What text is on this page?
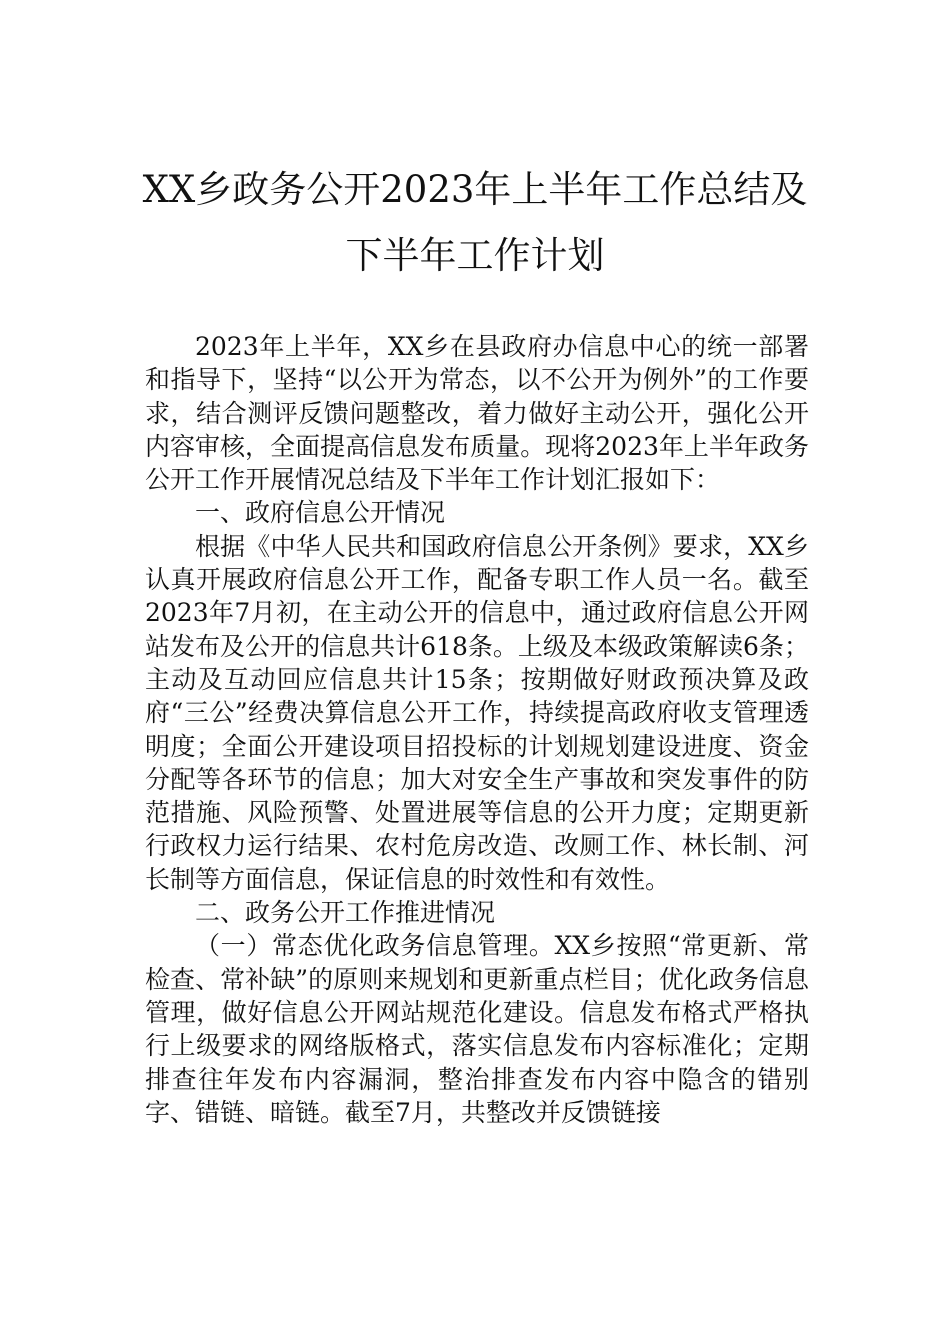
XX乡政务公开2023年上半年工作总结及
下半年工作计划

2023年上半年，XX乡在县政府办信息中心的统一部署和指导下，坚持“以公开为常态，以不公开为例外”的工作要求，结合测评反馈问题整改，着力做好主动公开，强化公开内容审核，全面提高信息发布质量。现将2023年上半年政务公开工作开展情况总结及下半年工作计划汇报如下：

一、政府信息公开情况

根据《中华人民共和国政府信息公开条例》要求，XX乡认真开展政府信息公开工作，配备专职工作人员一名。截至2023年7月初，在主动公开的信息中，通过政府信息公开网站发布及公开的信息共计618条。上级及本级政策解读6条；主动及互动回应信息共计15条；按期做好财政预决算及政府“三公”经费决算信息公开工作，持续提高政府收支管理透明度；全面公开建设项目招投标的计划规划建设进度、资金分配等各环节的信息；加大对安全生产事故和突发事件的防范措施、风险预警、处置进展等信息的公开力度；定期更新行政权力运行结果、农村危房改造、改厕工作、林长制、河长制等方面信息，保证信息的时效性和有效性。

二、政务公开工作推进情况

（一）常态优化政务信息管理。XX乡按照“常更新、常检查、常补缺”的原则来规划和更新重点栏目；优化政务信息管理，做好信息公开网站规范化建设。信息发布格式严格执行上级要求的网络版格式，落实信息发布内容标准化；定期排查往年发布内容漏洞，整治排查发布内容中隐含的错别字、错链、暗链。截至7月，共整改并反馈链接
